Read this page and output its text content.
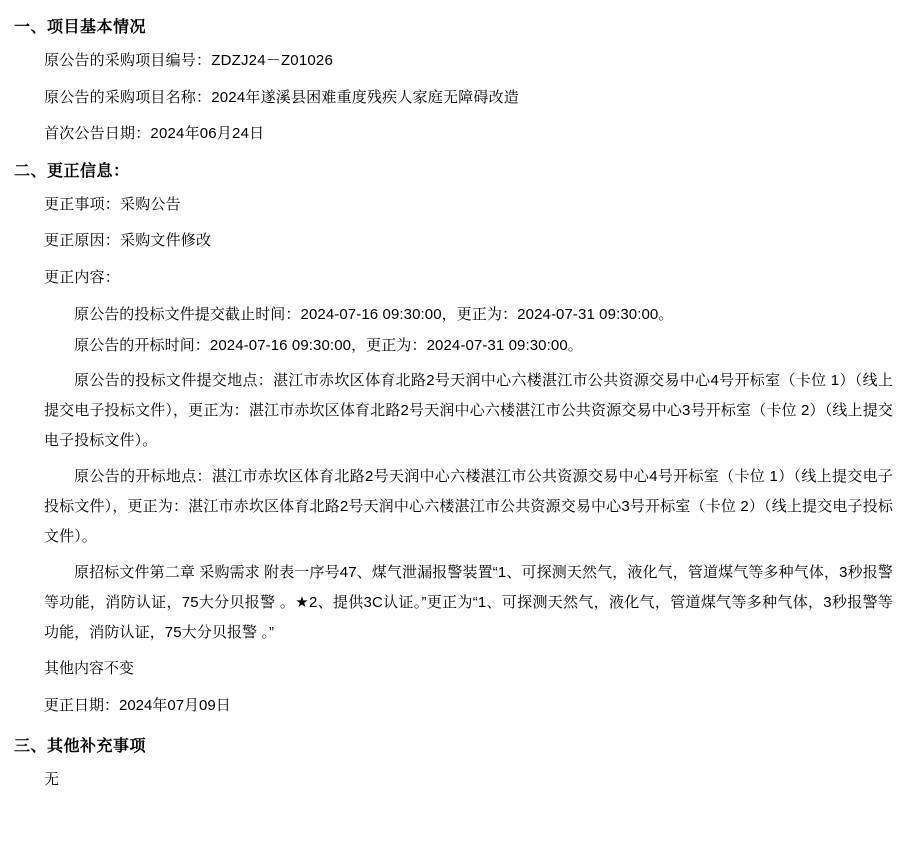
一、项目基本情况
原公告的采购项目编号：ZDZJ24－Z01026
原公告的采购项目名称：2024年遂溪县困难重度残疾人家庭无障碍改造
首次公告日期：2024年06月24日
二、更正信息：
更正事项：采购公告
更正原因：采购文件修改
更正内容：
原公告的投标文件提交截止时间：2024-07-16 09:30:00，更正为：2024-07-31 09:30:00。
原公告的开标时间：2024-07-16 09:30:00，更正为：2024-07-31 09:30:00。
原公告的投标文件提交地点：湛江市赤坎区体育北路2号天润中心六楼湛江市公共资源交易中心4号开标室（卡位 1）（线上提交电子投标文件），更正为：湛江市赤坎区体育北路2号天润中心六楼湛江市公共资源交易中心3号开标室（卡位 2）（线上提交电子投标文件）。
原公告的开标地点：湛江市赤坎区体育北路2号天润中心六楼湛江市公共资源交易中心4号开标室（卡位 1）（线上提交电子投标文件），更正为：湛江市赤坎区体育北路2号天润中心六楼湛江市公共资源交易中心3号开标室（卡位 2）（线上提交电子投标文件）。
原招标文件第二章 采购需求 附表一序号47、煤气泄漏报警装置“1、可探测天然气，液化气，管道煤气等多种气体，3秒报警等功能，消防认证，75大分贝报警 。★2、提供3C认证。”更正为“1、可探测天然气，液化气，管道煤气等多种气体，3秒报警等功能，消防认证，75大分贝报警 。”
其他内容不变
更正日期：2024年07月09日
三、其他补充事项
无
